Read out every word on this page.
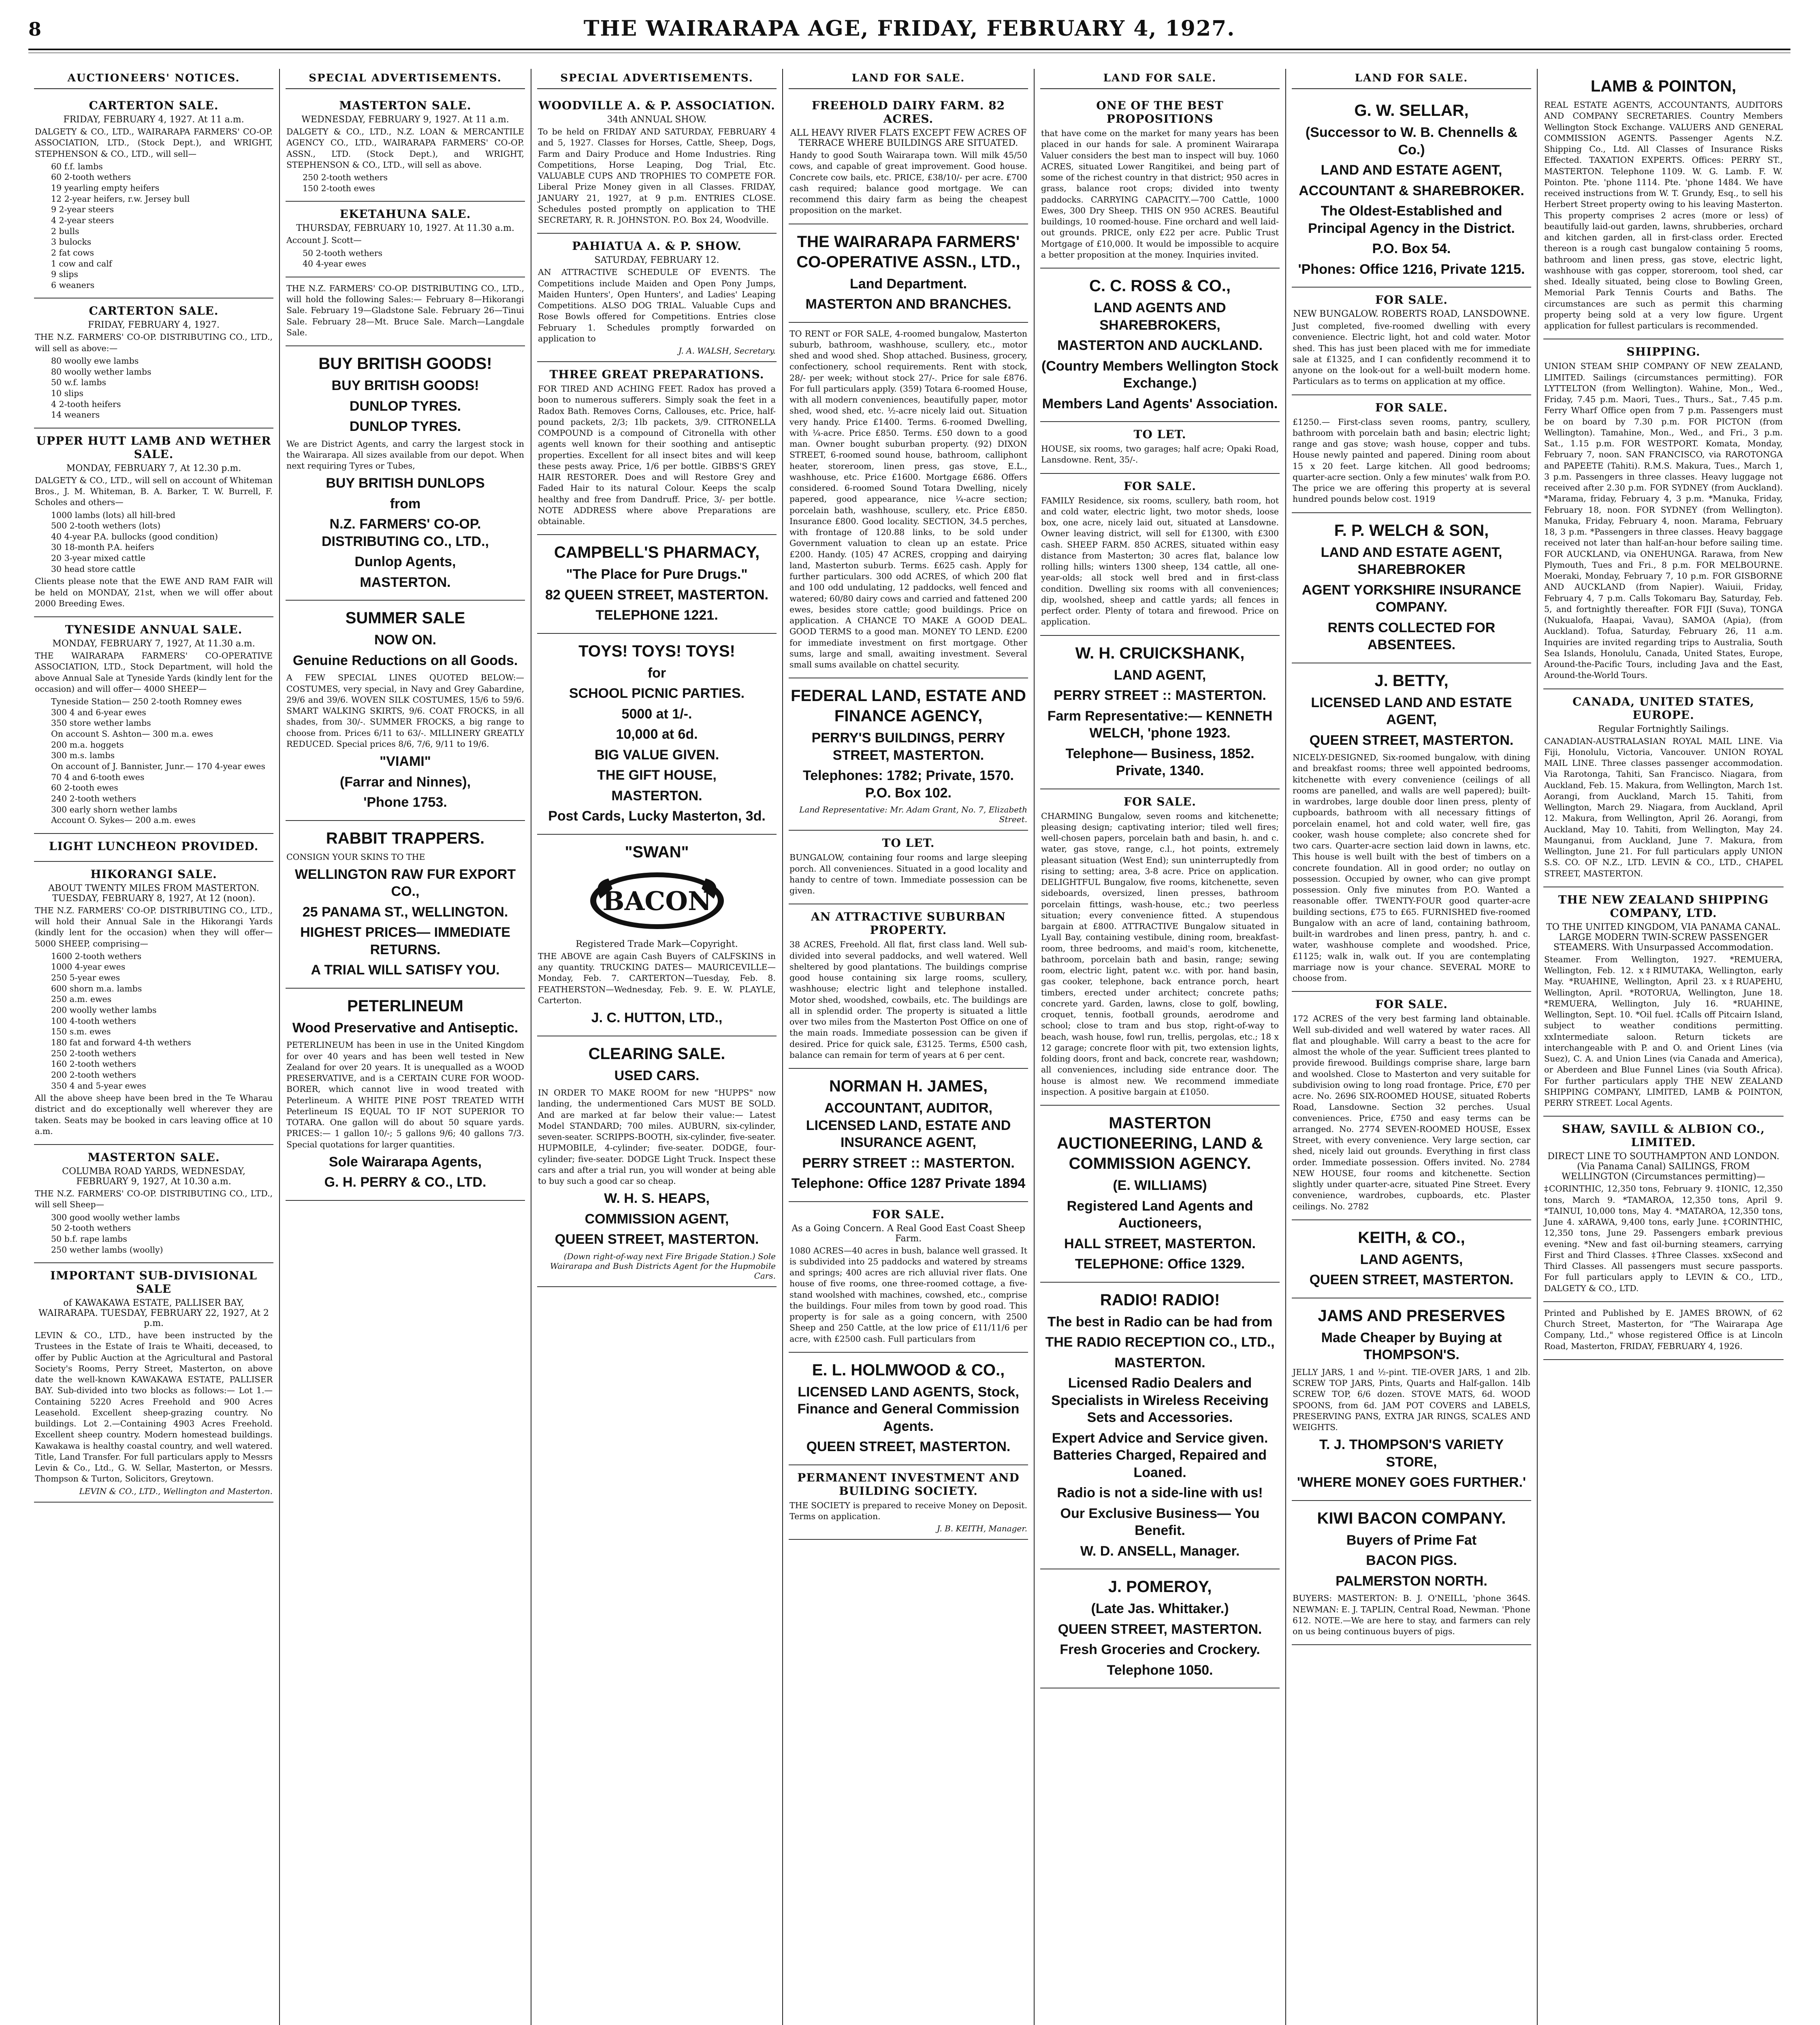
8	THE WAIRARAPA AGE, FRIDAY, FEBRUARY 4, 1927.
AUCTIONEERS' NOTICES.
CARTERTON SALE.
FRIDAY, FEBRUARY 4, 1927. At 11 a.m.
DALGETY & CO., LTD., WAIRARAPA FARMERS' CO-OP. ASSOCIATION, LTD., (Stock Dept.), and WRIGHT, STEPHENSON & CO., LTD., will sell—
60 f.f. lambs
60 2-tooth wethers
19 yearling empty heifers
12 2-year heifers, r.w. Jersey bull
9 2-year steers
4 2-year steers
2 bulls
3 bulocks
2 fat cows
1 cow and calf
9 slips
6 weaners
CARTERTON SALE.
FRIDAY, FEBRUARY 4, 1927.
THE N.Z. FARMERS' CO-OP. DISTRIBUTING CO., LTD., will sell as above:—
80 woolly ewe lambs
80 woolly wether lambs
50 w.f. lambs
10 slips
4 2-tooth heifers
14 weaners
UPPER HUTT LAMB AND WETHER SALE.
MONDAY, FEBRUARY 7, At 12.30 p.m.
DALGETY & CO., LTD., will sell on account of Whiteman Bros., J. M. Whiteman, B. A. Barker, T. W. Burrell, F. Scholes and others—
1000 lambs (lots) all hill-bred
500 2-tooth wethers (lots)
40 4-year P.A. bullocks (good condition)
30 18-month P.A. heifers
20 3-year mixed cattle
30 head store cattle
Clients please note that the EWE AND RAM FAIR will be held on MONDAY, 21st, when we will offer about 2000 Breeding Ewes.
TYNESIDE ANNUAL SALE.
MONDAY, FEBRUARY 7, 1927, At 11.30 a.m.
THE WAIRARAPA FARMERS' CO-OPERATIVE ASSOCIATION, LTD., Stock Department, will hold the above Annual Sale at Tyneside Yards (kindly lent for the occasion) and will offer— 4000 SHEEP—
Tyneside Station— 250 2-tooth Romney ewes
300 4 and 6-year ewes
350 store wether lambs
On account S. Ashton— 300 m.a. ewes
200 m.a. hoggets
300 m.s. lambs
On account of J. Bannister, Junr.— 170 4-year ewes
70 4 and 6-tooth ewes
60 2-tooth ewes
240 2-tooth wethers
300 early shorn wether lambs
Account O. Sykes— 200 a.m. ewes
LIGHT LUNCHEON PROVIDED.
HIKORANGI SALE.
ABOUT TWENTY MILES FROM MASTERTON. TUESDAY, FEBRUARY 8, 1927, At 12 (noon).
THE N.Z. FARMERS' CO-OP. DISTRIBUTING CO., LTD., will hold their Annual Sale in the Hikorangi Yards (kindly lent for the occasion) when they will offer— 5000 SHEEP, comprising—
1600 2-tooth wethers
1000 4-year ewes
250 5-year ewes
600 shorn m.a. lambs
250 a.m. ewes
200 woolly wether lambs
100 4-tooth wethers
150 s.m. ewes
180 fat and forward 4-th wethers
250 2-tooth wethers
160 2-tooth wethers
200 2-tooth wethers
350 4 and 5-year ewes
All the above sheep have been bred in the Te Wharau district and do exceptionally well wherever they are taken. Seats may be booked in cars leaving office at 10 a.m.
MASTERTON SALE.
COLUMBA ROAD YARDS, WEDNESDAY, FEBRUARY 9, 1927, At 10.30 a.m.
THE N.Z. FARMERS' CO-OP. DISTRIBUTING CO., LTD., will sell Sheep—
300 good woolly wether lambs
50 2-tooth wethers
50 b.f. rape lambs
250 wether lambs (woolly)
IMPORTANT SUB-DIVISIONAL SALE
of KAWAKAWA ESTATE, PALLISER BAY, WAIRARAPA. TUESDAY, FEBRUARY 22, 1927, At 2 p.m.
LEVIN & CO., LTD., have been instructed by the Trustees in the Estate of Irais te Whaiti, deceased, to offer by Public Auction at the Agricultural and Pastoral Society's Rooms, Perry Street, Masterton, on above date the well-known KAWAKAWA ESTATE, PALLISER BAY. Sub-divided into two blocks as follows:— Lot 1.—Containing 5220 Acres Freehold and 900 Acres Leasehold. Excellent sheep-grazing country. No buildings. Lot 2.—Containing 4903 Acres Freehold. Excellent sheep country. Modern homestead buildings. Kawakawa is healthy coastal country, and well watered. Title, Land Transfer. For full particulars apply to Messrs Levin & Co., Ltd., G. W. Sellar, Masterton, or Messrs. Thompson & Turton, Solicitors, Greytown.
LEVIN & CO., LTD., Wellington and Masterton.
SPECIAL ADVERTISEMENTS.
MASTERTON SALE.
WEDNESDAY, FEBRUARY 9, 1927. At 11 a.m.
DALGETY & CO., LTD., N.Z. LOAN & MERCANTILE AGENCY CO., LTD., WAIRARAPA FARMERS' CO-OP. ASSN., LTD. (Stock Dept.), and WRIGHT, STEPHENSON & CO., LTD., will sell as above.
250 2-tooth wethers
150 2-tooth ewes
EKETAHUNA SALE.
THURSDAY, FEBRUARY 10, 1927. At 11.30 a.m.
Account J. Scott—
50 2-tooth wethers
40 4-year ewes
THE N.Z. FARMERS' CO-OP. DISTRIBUTING CO., LTD., will hold the following Sales:— February 8—Hikorangi Sale. February 19—Gladstone Sale. February 26—Tinui Sale. February 28—Mt. Bruce Sale. March—Langdale Sale.
BUY BRITISH GOODS!
BUY BRITISH GOODS!
DUNLOP TYRES.
DUNLOP TYRES.
We are District Agents, and carry the largest stock in the Wairarapa. All sizes available from our depot. When next requiring Tyres or Tubes,
BUY BRITISH DUNLOPS
from
N.Z. FARMERS' CO-OP. DISTRIBUTING CO., LTD.,
Dunlop Agents,
MASTERTON.
SUMMER SALE
NOW ON.
Genuine Reductions on all Goods.
A FEW SPECIAL LINES QUOTED BELOW:— COSTUMES, very special, in Navy and Grey Gabardine, 29/6 and 39/6. WOVEN SILK COSTUMES, 15/6 to 59/6. SMART WALKING SKIRTS, 9/6. COAT FROCKS, in all shades, from 30/-. SUMMER FROCKS, a big range to choose from. Prices 6/11 to 63/-. MILLINERY GREATLY REDUCED. Special prices 8/6, 7/6, 9/11 to 19/6.
"VIAMI"
(Farrar and Ninnes),
'Phone 1753.
RABBIT TRAPPERS.
CONSIGN YOUR SKINS TO THE
WELLINGTON RAW FUR EXPORT CO.,
25 PANAMA ST., WELLINGTON.
HIGHEST PRICES— IMMEDIATE RETURNS.
A TRIAL WILL SATISFY YOU.
PETERLINEUM
Wood Preservative and Antiseptic.
PETERLINEUM has been in use in the United Kingdom for over 40 years and has been well tested in New Zealand for over 20 years. It is unequalled as a WOOD PRESERVATIVE, and is a CERTAIN CURE FOR WOOD-BORER, which cannot live in wood treated with Peterlineum. A WHITE PINE POST TREATED WITH Peterlineum IS EQUAL TO IF NOT SUPERIOR TO TOTARA. One gallon will do about 50 square yards. PRICES:— 1 gallon 10/-; 5 gallons 9/6; 40 gallons 7/3. Special quotations for larger quantities.
Sole Wairarapa Agents,
G. H. PERRY & CO., LTD.
SPECIAL ADVERTISEMENTS.
WOODVILLE A. & P. ASSOCIATION.
34th ANNUAL SHOW.
To be held on FRIDAY AND SATURDAY, FEBRUARY 4 and 5, 1927. Classes for Horses, Cattle, Sheep, Dogs, Farm and Dairy Produce and Home Industries. Ring Competitions, Horse Leaping, Dog Trial, Etc. VALUABLE CUPS AND TROPHIES TO COMPETE FOR. Liberal Prize Money given in all Classes. FRIDAY, JANUARY 21, 1927, at 9 p.m. ENTRIES CLOSE. Schedules posted promptly on application to THE SECRETARY, R. R. JOHNSTON. P.O. Box 24, Woodville.
PAHIATUA A. & P. SHOW.
SATURDAY, FEBRUARY 12.
AN ATTRACTIVE SCHEDULE OF EVENTS. The Competitions include Maiden and Open Pony Jumps, Maiden Hunters', Open Hunters', and Ladies' Leaping Competitions. ALSO DOG TRIAL. Valuable Cups and Rose Bowls offered for Competitions. Entries close February 1. Schedules promptly forwarded on application to
J. A. WALSH, Secretary.
THREE GREAT PREPARATIONS.
FOR TIRED AND ACHING FEET. Radox has proved a boon to numerous sufferers. Simply soak the feet in a Radox Bath. Removes Corns, Callouses, etc. Price, half-pound packets, 2/3; 1lb packets, 3/9. CITRONELLA COMPOUND is a compound of Citronella with other agents well known for their soothing and antiseptic properties. Excellent for all insect bites and will keep these pests away. Price, 1/6 per bottle. GIBBS'S GREY HAIR RESTORER. Does and will Restore Grey and Faded Hair to its natural Colour. Keeps the scalp healthy and free from Dandruff. Price, 3/- per bottle. NOTE ADDRESS where above Preparations are obtainable.
CAMPBELL'S PHARMACY,
"The Place for Pure Drugs."
82 QUEEN STREET, MASTERTON.
TELEPHONE 1221.
TOYS! TOYS! TOYS!
for
SCHOOL PICNIC PARTIES.
5000 at 1/-.
10,000 at 6d.
BIG VALUE GIVEN.
THE GIFT HOUSE,
MASTERTON.
Post Cards, Lucky Masterton, 3d.
"SWAN"
BACON
Registered Trade Mark—Copyright.
THE ABOVE are again Cash Buyers of CALFSKINS in any quantity. TRUCKING DATES— MAURICEVILLE—Monday, Feb. 7. CARTERTON—Tuesday, Feb. 8. FEATHERSTON—Wednesday, Feb. 9. E. W. PLAYLE, Carterton.
J. C. HUTTON, LTD.,
CLEARING SALE.
USED CARS.
IN ORDER TO MAKE ROOM for new "HUPPS" now landing, the undermentioned Cars MUST BE SOLD. And are marked at far below their value:— Latest Model STANDARD; 700 miles. AUBURN, six-cylinder, seven-seater. SCRIPPS-BOOTH, six-cylinder, five-seater. HUPMOBILE, 4-cylinder; five-seater. DODGE, four-cylinder; five-seater. DODGE Light Truck. Inspect these cars and after a trial run, you will wonder at being able to buy such a good car so cheap.
W. H. S. HEAPS,
COMMISSION AGENT,
QUEEN STREET, MASTERTON.
(Down right-of-way next Fire Brigade Station.) Sole Wairarapa and Bush Districts Agent for the Hupmobile Cars.
LAND FOR SALE.
FREEHOLD DAIRY FARM. 82 ACRES.
ALL HEAVY RIVER FLATS EXCEPT FEW ACRES OF TERRACE WHERE BUILDINGS ARE SITUATED.
Handy to good South Wairarapa town. Will milk 45/50 cows, and capable of great improvement. Good house. Concrete cow bails, etc. PRICE, £38/10/- per acre. £700 cash required; balance good mortgage. We can recommend this dairy farm as being the cheapest proposition on the market.
THE WAIRARAPA FARMERS' CO-OPERATIVE ASSN., LTD.,
Land Department.
MASTERTON AND BRANCHES.
TO RENT or FOR SALE, 4-roomed bungalow, Masterton suburb, bathroom, washhouse, scullery, etc., motor shed and wood shed. Shop attached. Business, grocery, confectionery, school requirements. Rent with stock, 28/- per week; without stock 27/-. Price for sale £876. For full particulars apply. (359) Totara 6-roomed House, with all modern conveniences, beautifully paper, motor shed, wood shed, etc. ½-acre nicely laid out. Situation very handy. Price £1400. Terms. 6-roomed Dwelling, with ¼-acre. Price £850. Terms. £50 down to a good man. Owner bought suburban property. (92) DIXON STREET, 6-roomed sound house, bathroom, calliphont heater, storeroom, linen press, gas stove, E.L., washhouse, etc. Price £1600. Mortgage £686. Offers considered. 6-roomed Sound Totara Dwelling, nicely papered, good appearance, nice ¼-acre section; porcelain bath, washhouse, scullery, etc. Price £850. Insurance £800. Good locality. SECTION, 34.5 perches, with frontage of 120.88 links, to be sold under Government valuation to clean up an estate. Price £200. Handy. (105) 47 ACRES, cropping and dairying land, Masterton suburb. Terms. £625 cash. Apply for further particulars. 300 odd ACRES, of which 200 flat and 100 odd undulating, 12 paddocks, well fenced and watered; 60/80 dairy cows and carried and fattened 200 ewes, besides store cattle; good buildings. Price on application. A CHANCE TO MAKE A GOOD DEAL. GOOD TERMS to a good man. MONEY TO LEND. £200 for immediate investment on first mortgage. Other sums, large and small, awaiting investment. Several small sums available on chattel security.
FEDERAL LAND, ESTATE AND FINANCE AGENCY,
PERRY'S BUILDINGS, PERRY STREET, MASTERTON.
Telephones: 1782; Private, 1570. P.O. Box 102.
Land Representative: Mr. Adam Grant, No. 7, Elizabeth Street.
TO LET.
BUNGALOW, containing four rooms and large sleeping porch. All conveniences. Situated in a good locality and handy to centre of town. Immediate possession can be given.
AN ATTRACTIVE SUBURBAN PROPERTY.
38 ACRES, Freehold. All flat, first class land. Well sub-divided into several paddocks, and well watered. Well sheltered by good plantations. The buildings comprise good house containing six large rooms, scullery, washhouse; electric light and telephone installed. Motor shed, woodshed, cowbails, etc. The buildings are all in splendid order. The property is situated a little over two miles from the Masterton Post Office on one of the main roads. Immediate possession can be given if desired. Price for quick sale, £3125. Terms, £500 cash, balance can remain for term of years at 6 per cent.
NORMAN H. JAMES,
ACCOUNTANT, AUDITOR, LICENSED LAND, ESTATE AND INSURANCE AGENT,
PERRY STREET :: MASTERTON.
Telephone: Office 1287 Private 1894
FOR SALE.
As a Going Concern. A Real Good East Coast Sheep Farm.
1080 ACRES—40 acres in bush, balance well grassed. It is subdivided into 25 paddocks and watered by streams and springs; 400 acres are rich alluvial river flats. One house of five rooms, one three-roomed cottage, a five-stand woolshed with machines, cowshed, etc., comprise the buildings. Four miles from town by good road. This property is for sale as a going concern, with 2500 Sheep and 250 Cattle, at the low price of £11/11/6 per acre, with £2500 cash. Full particulars from
E. L. HOLMWOOD & CO.,
LICENSED LAND AGENTS, Stock, Finance and General Commission Agents.
QUEEN STREET, MASTERTON.
PERMANENT INVESTMENT AND BUILDING SOCIETY.
THE SOCIETY is prepared to receive Money on Deposit. Terms on application.
J. B. KEITH, Manager.
LAND FOR SALE.
ONE OF THE BEST PROPOSITIONS
that have come on the market for many years has been placed in our hands for sale. A prominent Wairarapa Valuer considers the best man to inspect will buy. 1060 ACRES, situated Lower Rangitikei, and being part of some of the richest country in that district; 950 acres in grass, balance root crops; divided into twenty paddocks. CARRYING CAPACITY.—700 Cattle, 1000 Ewes, 300 Dry Sheep. THIS ON 950 ACRES. Beautiful buildings, 10 roomed-house. Fine orchard and well laid-out grounds. PRICE, only £22 per acre. Public Trust Mortgage of £10,000. It would be impossible to acquire a better proposition at the money. Inquiries invited.
C. C. ROSS & CO.,
LAND AGENTS AND SHAREBROKERS,
MASTERTON AND AUCKLAND.
(Country Members Wellington Stock Exchange.)
Members Land Agents' Association.
TO LET.
HOUSE, six rooms, two garages; half acre; Opaki Road, Lansdowne. Rent, 35/-.
FOR SALE.
FAMILY Residence, six rooms, scullery, bath room, hot and cold water, electric light, two motor sheds, loose box, one acre, nicely laid out, situated at Lansdowne. Owner leaving district, will sell for £1300, with £300 cash. SHEEP FARM. 850 ACRES, situated within easy distance from Masterton; 30 acres flat, balance low rolling hills; winters 1300 sheep, 134 cattle, all one-year-olds; all stock well bred and in first-class condition. Dwelling six rooms with all conveniences; dip, woolshed, sheep and cattle yards; all fences in perfect order. Plenty of totara and firewood. Price on application.
W. H. CRUICKSHANK,
LAND AGENT,
PERRY STREET :: MASTERTON.
Farm Representative:— KENNETH WELCH, 'phone 1923.
Telephone— Business, 1852. Private, 1340.
FOR SALE.
CHARMING Bungalow, seven rooms and kitchenette; pleasing design; captivating interior; tiled well fires; well-chosen papers, porcelain bath and basin, h. and c. water, gas stove, range, c.l., hot points, extremely pleasant situation (West End); sun uninterruptedly from rising to setting; area, 3-8 acre. Price on application. DELIGHTFUL Bungalow, five rooms, kitchenette, seven sideboards, oversized, linen presses, bathroom porcelain fittings, wash-house, etc.; two peerless situation; every convenience fitted. A stupendous bargain at £800. ATTRACTIVE Bungalow situated in Lyall Bay, containing vestibule, dining room, breakfast-room, three bedrooms, and maid's room, kitchenette, bathroom, porcelain bath and basin, range; sewing room, electric light, patent w.c. with por. hand basin, gas cooker, telephone, back entrance porch, heart timbers, erected under architect; concrete paths; concrete yard. Garden, lawns, close to golf, bowling, croquet, tennis, football grounds, aerodrome and school; close to tram and bus stop, right-of-way to beach, wash house, fowl run, trellis, pergolas, etc.; 18 x 12 garage; concrete floor with pit, two extension lights, folding doors, front and back, concrete rear, washdown; all conveniences, including side entrance door. The house is almost new. We recommend immediate inspection. A positive bargain at £1050.
MASTERTON AUCTIONEERING, LAND & COMMISSION AGENCY.
(E. WILLIAMS)
Registered Land Agents and Auctioneers,
HALL STREET, MASTERTON.
TELEPHONE: Office 1329.
RADIO! RADIO!
The best in Radio can be had from
THE RADIO RECEPTION CO., LTD.,
MASTERTON.
Licensed Radio Dealers and Specialists in Wireless Receiving Sets and Accessories.
Expert Advice and Service given. Batteries Charged, Repaired and Loaned.
Radio is not a side-line with us!
Our Exclusive Business— You Benefit.
W. D. ANSELL, Manager.
J. POMEROY,
(Late Jas. Whittaker.)
QUEEN STREET, MASTERTON.
Fresh Groceries and Crockery.
Telephone 1050.
LAND FOR SALE.
G. W. SELLAR,
(Successor to W. B. Chennells & Co.)
LAND AND ESTATE AGENT,
ACCOUNTANT & SHAREBROKER.
The Oldest-Established and Principal Agency in the District.
P.O. Box 54.
'Phones: Office 1216, Private 1215.
FOR SALE.
NEW BUNGALOW. ROBERTS ROAD, LANSDOWNE.
Just completed, five-roomed dwelling with every convenience. Electric light, hot and cold water. Motor shed. This has just been placed with me for immediate sale at £1325, and I can confidently recommend it to anyone on the look-out for a well-built modern home. Particulars as to terms on application at my office.
FOR SALE.
£1250.— First-class seven rooms, pantry, scullery, bathroom with porcelain bath and basin; electric light; range and gas stove; wash house, copper and tubs. House newly painted and papered. Dining room about 15 x 20 feet. Large kitchen. All good bedrooms; quarter-acre section. Only a few minutes' walk from P.O. The price we are offering this property at is several hundred pounds below cost. 1919
F. P. WELCH & SON,
LAND AND ESTATE AGENT, SHAREBROKER
AGENT YORKSHIRE INSURANCE COMPANY.
RENTS COLLECTED FOR ABSENTEES.
J. BETTY,
LICENSED LAND AND ESTATE AGENT,
QUEEN STREET, MASTERTON.
NICELY-DESIGNED, Six-roomed bungalow, with dining and breakfast rooms; three well appointed bedrooms, kitchenette with every convenience (ceilings of all rooms are panelled, and walls are well papered); built-in wardrobes, large double door linen press, plenty of cupboards, bathroom with all necessary fittings of porcelain enamel, hot and cold water, well fire, gas cooker, wash house complete; also concrete shed for two cars. Quarter-acre section laid down in lawns, etc. This house is well built with the best of timbers on a concrete foundation. All in good order; no outlay on possession. Occupied by owner, who can give prompt possession. Only five minutes from P.O. Wanted a reasonable offer. TWENTY-FOUR good quarter-acre building sections, £75 to £65. FURNISHED five-roomed Bungalow with an acre of land, containing bathroom, built-in wardrobes and linen press, pantry, h. and c. water, washhouse complete and woodshed. Price, £1125; walk in, walk out. If you are contemplating marriage now is your chance. SEVERAL MORE to choose from.
FOR SALE.
172 ACRES of the very best farming land obtainable. Well sub-divided and well watered by water races. All flat and ploughable. Will carry a beast to the acre for almost the whole of the year. Sufficient trees planted to provide firewood. Buildings comprise share, large barn and woolshed. Close to Masterton and very suitable for subdivision owing to long road frontage. Price, £70 per acre. No. 2696 SIX-ROOMED HOUSE, situated Roberts Road, Lansdowne. Section 32 perches. Usual conveniences. Price, £750 and easy terms can be arranged. No. 2774 SEVEN-ROOMED HOUSE, Essex Street, with every convenience. Very large section, car shed, nicely laid out grounds. Everything in first class order. Immediate possession. Offers invited. No. 2784 NEW HOUSE, four rooms and kitchenette. Section slightly under quarter-acre, situated Pine Street. Every convenience, wardrobes, cupboards, etc. Plaster ceilings. No. 2782
KEITH, & CO.,
LAND AGENTS,
QUEEN STREET, MASTERTON.
JAMS AND PRESERVES
Made Cheaper by Buying at THOMPSON'S.
JELLY JARS, 1 and ½-pint. TIE-OVER JARS, 1 and 2lb. SCREW TOP JARS, Pints, Quarts and Half-gallon. 14lb SCREW TOP, 6/6 dozen. STOVE MATS, 6d. WOOD SPOONS, from 6d. JAM POT COVERS and LABELS, PRESERVING PANS, EXTRA JAR RINGS, SCALES AND WEIGHTS.
T. J. THOMPSON'S VARIETY STORE,
'WHERE MONEY GOES FURTHER.'
KIWI BACON COMPANY.
Buyers of Prime Fat
BACON PIGS.
PALMERSTON NORTH.
BUYERS: MASTERTON: B. J. O'NEILL, 'phone 364S. NEWMAN: E. J. TAPLIN, Central Road, Newman. 'Phone 612. NOTE.—We are here to stay, and farmers can rely on us being continuous buyers of pigs.
LAMB & POINTON,
REAL ESTATE AGENTS, ACCOUNTANTS, AUDITORS AND COMPANY SECRETARIES. Country Members Wellington Stock Exchange. VALUERS AND GENERAL COMMISSION AGENTS. Passenger Agents N.Z. Shipping Co., Ltd. All Classes of Insurance Risks Effected. TAXATION EXPERTS. Offices: PERRY ST., MASTERTON. Telephone 1109. W. G. Lamb. F. W. Pointon. Pte. 'phone 1114. Pte. 'phone 1484. We have received instructions from W. T. Grundy, Esq., to sell his Herbert Street property owing to his leaving Masterton. This property comprises 2 acres (more or less) of beautifully laid-out garden, lawns, shrubberies, orchard and kitchen garden, all in first-class order. Erected thereon is a rough cast bungalow containing 5 rooms, bathroom and linen press, gas stove, electric light, washhouse with gas copper, storeroom, tool shed, car shed. Ideally situated, being close to Bowling Green, Memorial Park Tennis Courts and Baths. The circumstances are such as permit this charming property being sold at a very low figure. Urgent application for fullest particulars is recommended.
SHIPPING.
UNION STEAM SHIP COMPANY OF NEW ZEALAND, LIMITED. Sailings (circumstances permitting). FOR LYTTELTON (from Wellington). Wahine, Mon., Wed., Friday, 7.45 p.m. Maori, Tues., Thurs., Sat., 7.45 p.m. Ferry Wharf Office open from 7 p.m. Passengers must be on board by 7.30 p.m. FOR PICTON (from Wellington). Tamahine, Mon., Wed., and Fri., 3 p.m. Sat., 1.15 p.m. FOR WESTPORT. Komata, Monday, February 7, noon. SAN FRANCISCO, via RAROTONGA and PAPEETE (Tahiti). R.M.S. Makura, Tues., March 1, 3 p.m. Passengers in three classes. Heavy luggage not received after 2.30 p.m. FOR SYDNEY (from Auckland). *Marama, friday, February 4, 3 p.m. *Manuka, Friday, February 18, noon. FOR SYDNEY (from Wellington). Manuka, Friday, February 4, noon. Marama, February 18, 3 p.m. *Passengers in three classes. Heavy baggage received not later than half-an-hour before sailing time. FOR AUCKLAND, via ONEHUNGA. Rarawa, from New Plymouth, Tues and Fri., 8 p.m. FOR MELBOURNE. Moeraki, Monday, February 7, 10 p.m. FOR GISBORNE AND AUCKLAND (from Napier). Waiuii, Friday, February 4, 7 p.m. Calls Tokomaru Bay, Saturday, Feb. 5, and fortnightly thereafter. FOR FIJI (Suva), TONGA (Nukualofa, Haapai, Vavau), SAMOA (Apia), (from Auckland). Tofua, Saturday, February 26, 11 a.m. Inquiries are invited regarding trips to Australia, South Sea Islands, Honolulu, Canada, United States, Europe, Around-the-Pacific Tours, including Java and the East, Around-the-World Tours.
CANADA, UNITED STATES, EUROPE.
Regular Fortnightly Sailings.
CANADIAN-AUSTRALASIAN ROYAL MAIL LINE. Via Fiji, Honolulu, Victoria, Vancouver. UNION ROYAL MAIL LINE. Three classes passenger accommodation. Via Rarotonga, Tahiti, San Francisco. Niagara, from Auckland, Feb. 15. Makura, from Wellington, March 1st. Aorangi, from Auckland, March 15. Tahiti, from Wellington, March 29. Niagara, from Auckland, April 12. Makura, from Wellington, April 26. Aorangi, from Auckland, May 10. Tahiti, from Wellington, May 24. Maunganui, from Auckland, June 7. Makura, from Wellington, June 21. For full particulars apply UNION S.S. CO. OF N.Z., LTD. LEVIN & CO., LTD., CHAPEL STREET, MASTERTON.
THE NEW ZEALAND SHIPPING COMPANY, LTD.
TO THE UNITED KINGDOM, VIA PANAMA CANAL. LARGE MODERN TWIN-SCREW PASSENGER STEAMERS. With Unsurpassed Accommodation.
Steamer. From Wellington, 1927. *REMUERA, Wellington, Feb. 12. x‡RIMUTAKA, Wellington, early May. *RUAHINE, Wellington, April 23. x‡RUAPEHU, Wellington, April. *ROTORUA, Wellington, June 18. *REMUERA, Wellington, July 16. *RUAHINE, Wellington, Sept. 10. *Oil fuel. ‡Calls off Pitcairn Island, subject to weather conditions permitting. xxIntermediate saloon. Return tickets are interchangeable with P. and O. and Orient Lines (via Suez), C. A. and Union Lines (via Canada and America), or Aberdeen and Blue Funnel Lines (via South Africa). For further particulars apply THE NEW ZEALAND SHIPPING COMPANY, LIMITED, LAMB & POINTON, PERRY STREET. Local Agents.
SHAW, SAVILL & ALBION CO., LIMITED.
DIRECT LINE TO SOUTHAMPTON AND LONDON. (Via Panama Canal) SAILINGS, FROM WELLINGTON (Circumstances permitting)—
‡CORINTHIC, 12,350 tons, February 9. ‡IONIC, 12,350 tons, March 9. *TAMAROA, 12,350 tons, April 9. *TAINUI, 10,000 tons, May 4. *MATAROA, 12,350 tons, June 4. xARAWA, 9,400 tons, early June. ‡CORINTHIC, 12,350 tons, June 29. Passengers embark previous evening. *New and fast oil-burning steamers, carrying First and Third Classes. ‡Three Classes. xxSecond and Third Classes. All passengers must secure passports. For full particulars apply to LEVIN & CO., LTD., DALGETY & CO., LTD.
Printed and Published by E. JAMES BROWN, of 62 Church Street, Masterton, for "The Wairarapa Age Company, Ltd.," whose registered Office is at Lincoln Road, Masterton, FRIDAY, FEBRUARY 4, 1926.
